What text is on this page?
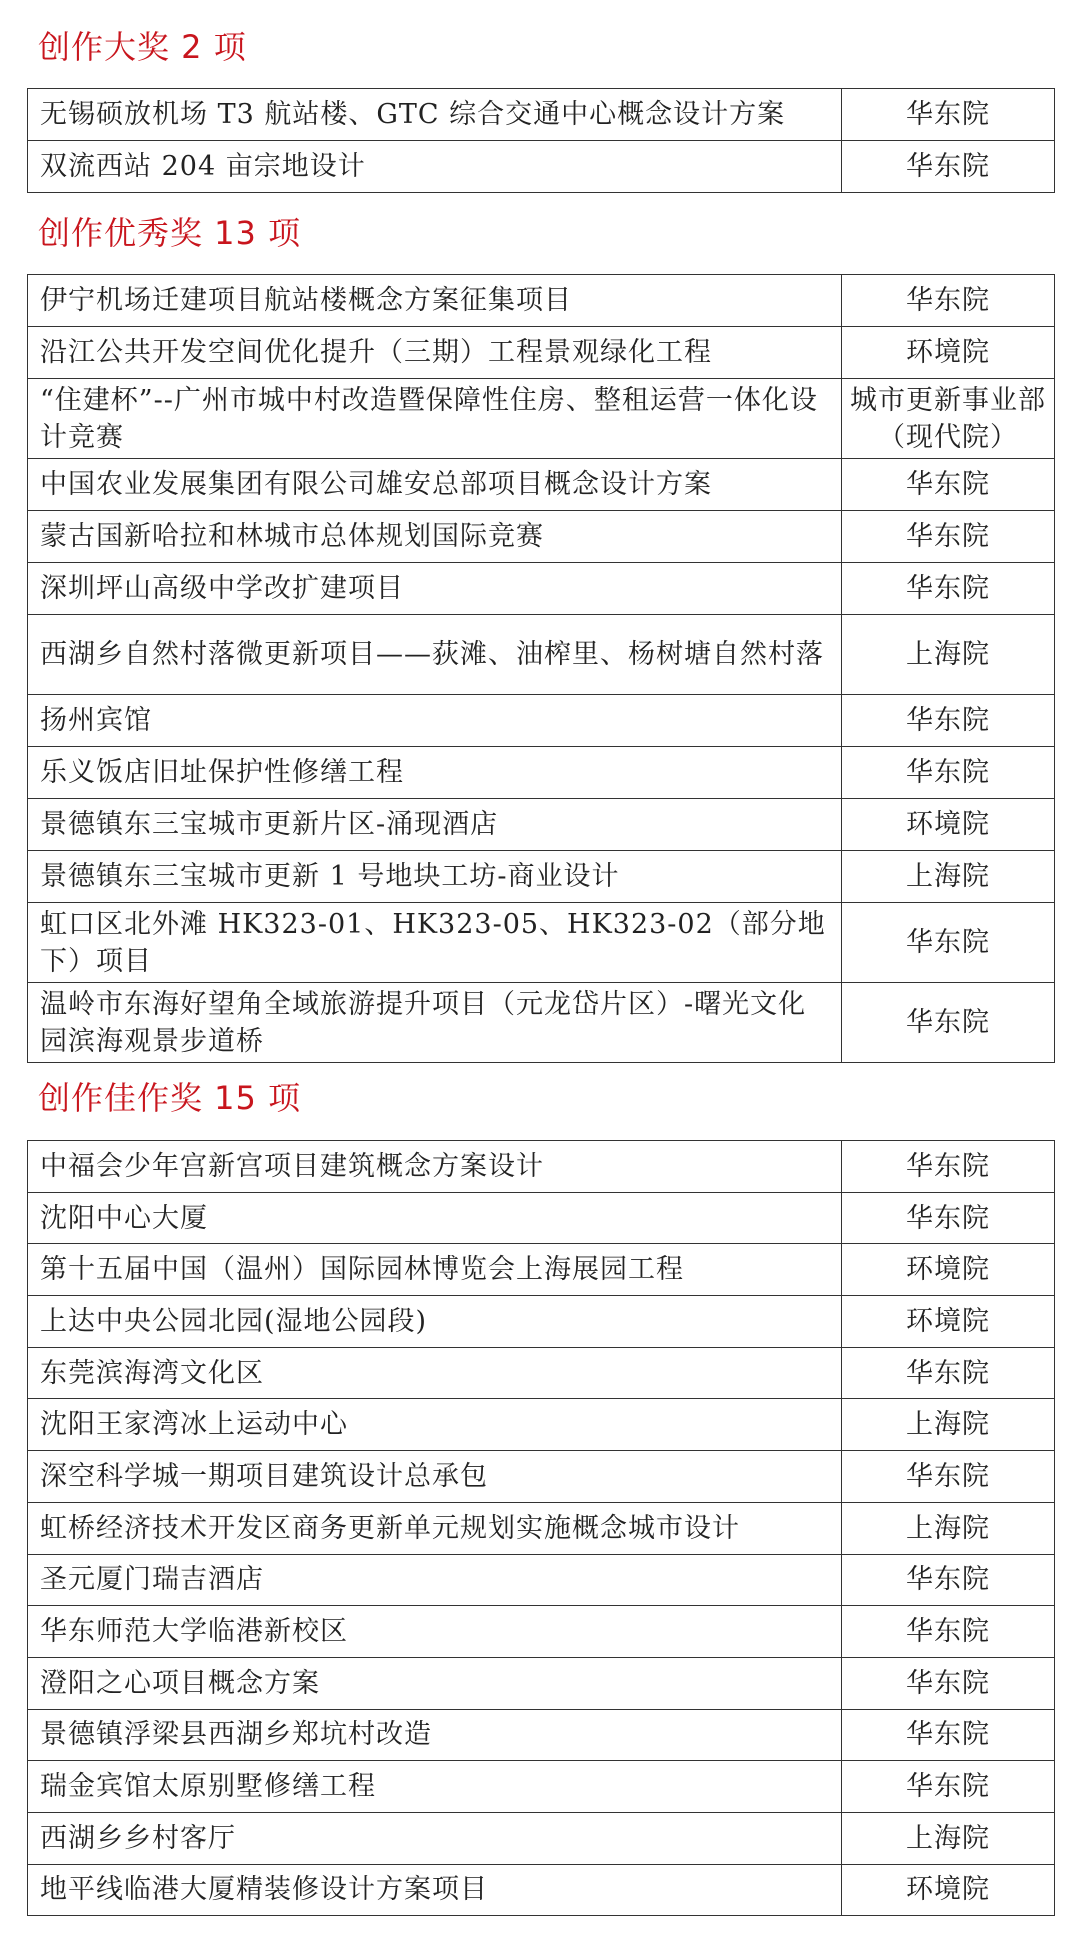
创作大奖 2 项
无锡硕放机场 T3 航站楼、GTC 综合交通中心概念设计方案	华东院
双流西站 204 亩宗地设计	华东院
创作优秀奖 13 项
伊宁机场迁建项目航站楼概念方案征集项目	华东院
沿江公共开发空间优化提升（三期）工程景观绿化工程	环境院
“住建杯”--广州市城中村改造暨保障性住房、整租运营一体化设计竞赛	城市更新事业部（现代院）
中国农业发展集团有限公司雄安总部项目概念设计方案	华东院
蒙古国新哈拉和林城市总体规划国际竞赛	华东院
深圳坪山高级中学改扩建项目	华东院
西湖乡自然村落微更新项目——荻滩、油榨里、杨树塘自然村落	上海院
扬州宾馆	华东院
乐义饭店旧址保护性修缮工程	华东院
景德镇东三宝城市更新片区-涌现酒店	环境院
景德镇东三宝城市更新 1 号地块工坊-商业设计	上海院
虹口区北外滩 HK323-01、HK323-05、HK323-02（部分地下）项目	华东院
温岭市东海好望角全域旅游提升项目（元龙岱片区）-曙光文化园滨海观景步道桥	华东院
创作佳作奖 15 项
中福会少年宫新宫项目建筑概念方案设计	华东院
沈阳中心大厦	华东院
第十五届中国（温州）国际园林博览会上海展园工程	环境院
上达中央公园北园(湿地公园段)	环境院
东莞滨海湾文化区	华东院
沈阳王家湾冰上运动中心	上海院
深空科学城一期项目建筑设计总承包	华东院
虹桥经济技术开发区商务更新单元规划实施概念城市设计	上海院
圣元厦门瑞吉酒店	华东院
华东师范大学临港新校区	华东院
澄阳之心项目概念方案	华东院
景德镇浮梁县西湖乡郑坑村改造	华东院
瑞金宾馆太原别墅修缮工程	华东院
西湖乡乡村客厅	上海院
地平线临港大厦精装修设计方案项目	环境院
